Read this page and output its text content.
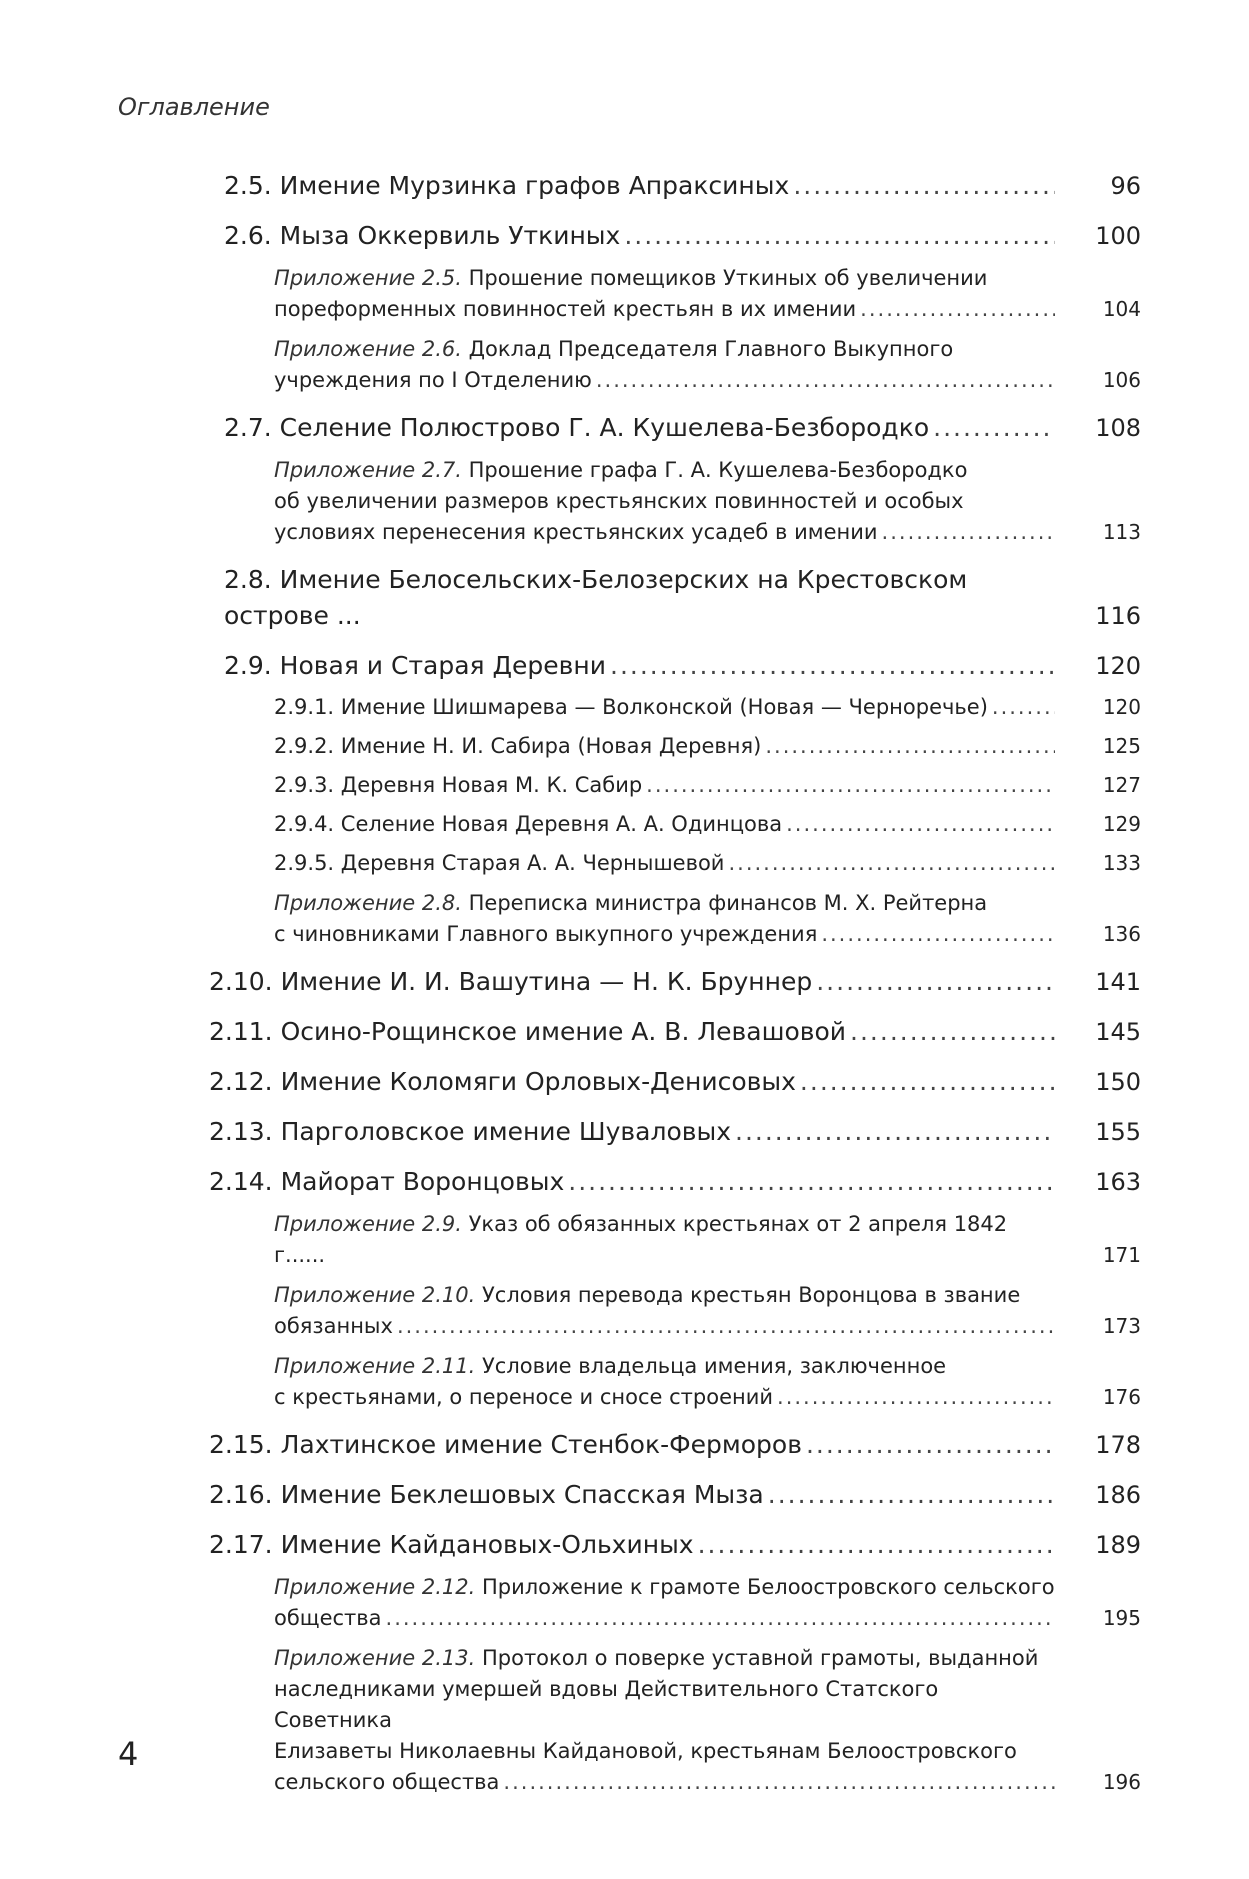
Оглавление
2.5. Имение Мурзинка графов Апраксиных .....	96
2.6. Мыза Оккервиль Уткиных .....	100
Приложение 2.5. Прошение помещиков Уткиных об увеличении
пореформенных повинностей крестьян в их имении .....	104
Приложение 2.6. Доклад Председателя Главного Выкупного
учреждения по I Отделению .....	106
2.7. Селение Полюстрово Г. А. Кушелева-Безбородко .....	108
Приложение 2.7. Прошение графа Г. А. Кушелева-Безбородко
об увеличении размеров крестьянских повинностей и особых
условиях перенесения крестьянских усадеб в имении .....	113
2.8. Имение Белосельских-Белозерских на Крестовском острове ...	116
2.9. Новая и Старая Деревни .....	120
2.9.1. Имение Шишмарева — Волконской (Новая — Черноречье) .....	120
2.9.2. Имение Н. И. Сабира (Новая Деревня) .....	125
2.9.3. Деревня Новая М. К. Сабир .....	127
2.9.4. Селение Новая Деревня А. А. Одинцова .....	129
2.9.5. Деревня Старая А. А. Чернышевой .....	133
Приложение 2.8. Переписка министра финансов М. Х. Рейтерна
с чиновниками Главного выкупного учреждения .....	136
2.10. Имение И. И. Вашутина — Н. К. Бруннер .....	141
2.11. Осино-Рощинское имение А. В. Левашовой .....	145
2.12. Имение Коломяги Орловых-Денисовых .....	150
2.13. Парголовское имение Шуваловых .....	155
2.14. Майорат Воронцовых .....	163
Приложение 2.9. Указ об обязанных крестьянах от 2 апреля 1842 г......	171
Приложение 2.10. Условия перевода крестьян Воронцова в звание
обязанных .....	173
Приложение 2.11. Условие владельца имения, заключенное
с крестьянами, о переносе и сносе строений .....	176
2.15. Лахтинское имение Стенбок-Ферморов .....	178
2.16. Имение Беклешовых Спасская Мыза .....	186
2.17. Имение Кайдановых-Ольхиных .....	189
Приложение 2.12. Приложение к грамоте Белоостровского сельского
общества .....	195
Приложение 2.13. Протокол о поверке уставной грамоты, выданной
наследниками умершей вдовы Действительного Статского Советника
Елизаветы Николаевны Кайдановой, крестьянам Белоостровского
сельского общества .....	196
4
